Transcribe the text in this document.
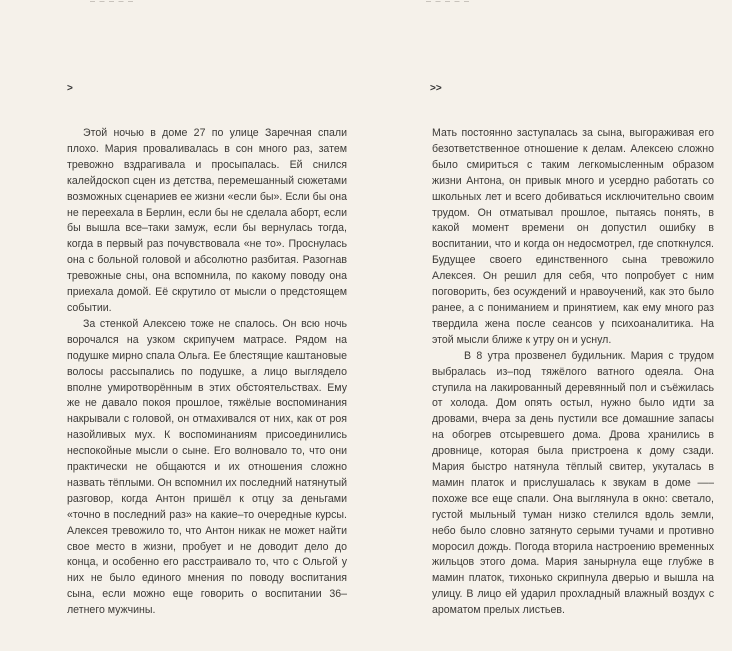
>

Этой ночью в доме 27 по улице Заречная спали плохо. Мария проваливалась в сон много раз, затем тревожно вздрагивала и просыпалась. Ей снился калейдоскоп сцен из детства, перемешанный сюжетами возможных сценариев ее жизни «если бы». Если бы она не переехала в Берлин, если бы не сделала аборт, если бы вышла все–таки замуж, если бы вернулась тогда, когда в первый раз почувствовала «не то». Проснулась она с больной головой и абсолютно разбитая. Разогнав тревожные сны, она вспомнила, по какому поводу она приехала домой. Её скрутило от мысли о предстоящем событии.

За стенкой Алексею тоже не спалось. Он всю ночь ворочался на узком скрипучем матрасе. Рядом на подушке мирно спала Ольга. Ее блестящие каштановые волосы рассыпались по подушке, а лицо выглядело вполне умиротворённым в этих обстоятельствах. Ему же не давало покоя прошлое, тяжёлые воспоминания накрывали с головой, он отмахивался от них, как от роя назойливых мух. К воспоминаниям присоединились неспокойные мысли о сыне. Его волновало то, что они практически не общаются и их отношения сложно назвать тёплыми. Он вспомнил их последний натянутый разговор, когда Антон пришёл к отцу за деньгами «точно в последний раз» на какие–то очередные курсы. Алексея тревожило то, что Антон никак не может найти свое место в жизни, пробует и не доводит дело до конца, и особенно его расстраивало то, что с Ольгой у них не было единого мнения по поводу воспитания сына, если можно еще говорить о воспитании 36–летнего мужчины.

>>

Мать постоянно заступалась за сына, выгораживая его безответственное отношение к делам. Алексею сложно было смириться с таким легкомысленным образом жизни Антона, он привык много и усердно работать со школьных лет и всего добиваться исключительно своим трудом. Он отматывал прошлое, пытаясь понять, в какой момент времени он допустил ошибку в воспитании, что и когда он недосмотрел, где споткнулся. Будущее своего единственного сына тревожило Алексея. Он решил для себя, что попробует с ним поговорить, без осуждений и нравоучений, как это было ранее, а с пониманием и принятием, как ему много раз твердила жена после сеансов у психоаналитика. На этой мысли ближе к утру он и уснул.

В 8 утра прозвенел будильник. Мария с трудом выбралась из–под тяжёлого ватного одеяла. Она ступила на лакированный деревянный пол и съёжилась от холода. Дом опять остыл, нужно было идти за дровами, вчера за день пустили все домашние запасы на обогрев отсыревшего дома. Дрова хранились в дровнице, которая была пристроена к дому сзади. Мария быстро натянула тёплый свитер, укуталась в мамин платок и прислушалась к звукам в доме —– похоже все еще спали. Она выглянула в окно: светало, густой мыльный туман низко стелился вдоль земли, небо было словно затянуто серыми тучами и противно моросил дождь. Погода вторила настроению временных жильцов этого дома. Мария занырнула еще глубже в мамин платок, тихонько скрипнула дверью и вышла на улицу. В лицо ей ударил прохладный влажный воздух с ароматом прелых листьев.
